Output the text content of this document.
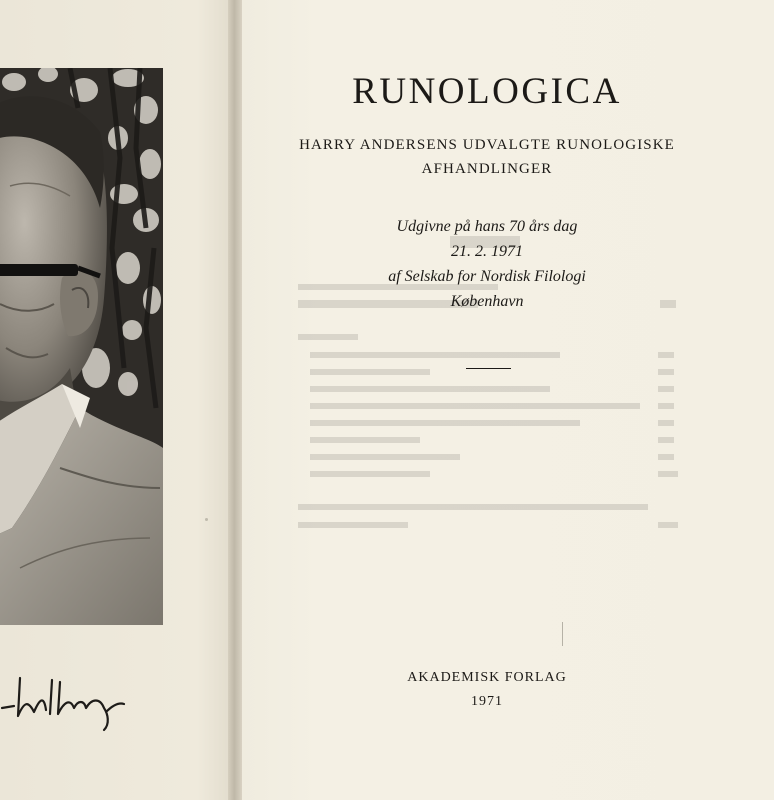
RUNOLOGICA
HARRY ANDERSENS UDVALGTE RUNOLOGISKE
AFHANDLINGER
Udgivne på hans 70 års dag
21. 2. 1971
af Selskab for Nordisk Filologi
København
AKADEMISK FORLAG
1971
